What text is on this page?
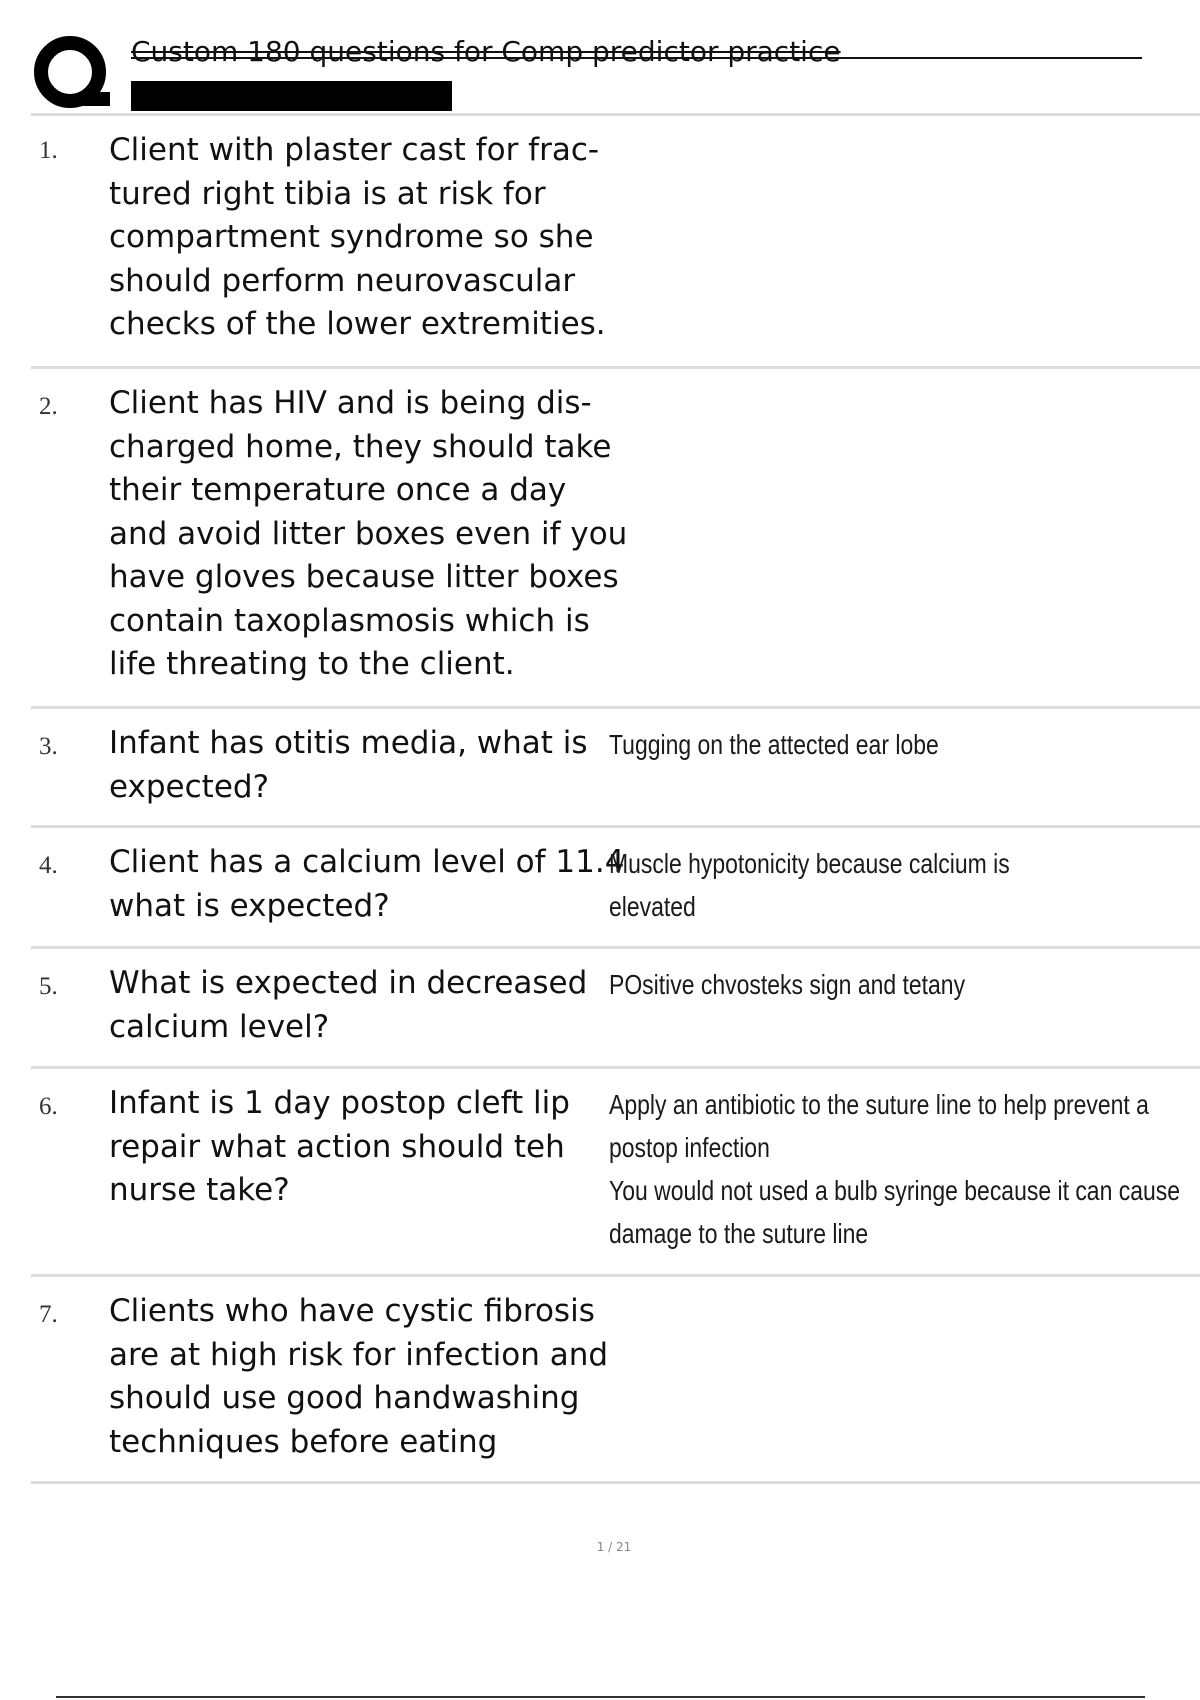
Custom 180 questions for Comp predictor practice
1. Client with plaster cast for frac-
tured right tibia is at risk for
compartment syndrome so she
should perform neurovascular
checks of the lower extremities.
2. Client has HIV and is being dis-
charged home, they should take
their temperature once a day
and avoid litter boxes even if you
have gloves because litter boxes
contain taxoplasmosis which is
life threating to the client.
3. Infant has otitis media, what is
expected?
Tugging on the attected ear lobe
4. Client has a calcium level of 11.4
what is expected?
Muscle hypotonicity because calcium is elevated
5. What is expected in decreased
calcium level?
POsitive chvosteks sign and tetany
6. Infant is 1 day postop cleft lip
repair what action should teh
nurse take?
Apply an antibiotic to the suture line to help prevent a
postop infection
You would not used a bulb syringe because it can cause
damage to the suture line
7. Clients who have cystic fibrosis
are at high risk for infection and
should use good handwashing
techniques before eating
1 / 21
